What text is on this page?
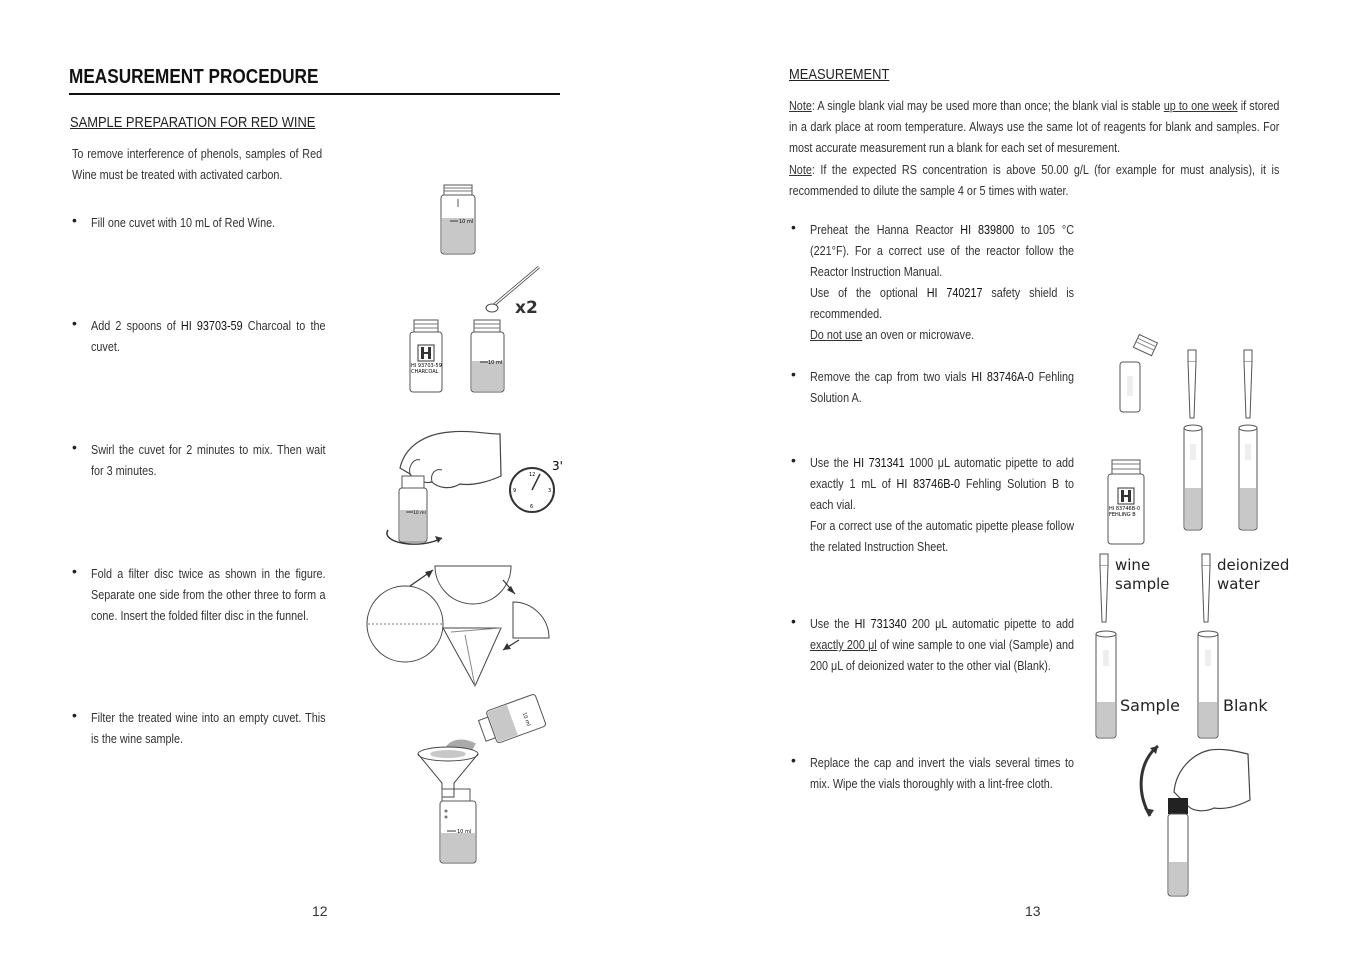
MEASUREMENT PROCEDURE
SAMPLE PREPARATION FOR RED WINE
To remove interference of phenols, samples of Red Wine must be treated with activated carbon.
• Fill one cuvet with 10 mL of Red Wine.
• Add 2 spoons of HI 93703-59 Charcoal to the cuvet.
• Swirl the cuvet for 2 minutes to mix. Then wait for 3 minutes.
• Fold a filter disc twice as shown in the figure. Separate one side from the other three to form a cone. Insert the folded filter disc in the funnel.
• Filter the treated wine into an empty cuvet. This is the wine sample.
10 ml
HI 93703-59
CHARCOAL
10 ml
x2
10 ml
12
3
6
9
3'
10 ml
10 ml
12
MEASUREMENT
Note: A single blank vial may be used more than once; the blank vial is stable up to one week if stored in a dark place at room temperature. Always use the same lot of reagents for blank and samples. For most accurate measurement run a blank for each set of mesurement.
Note: If the expected RS concentration is above 50.00 g/L (for example for must analysis), it is recommended to dilute the sample 4 or 5 times with water.
• Preheat the Hanna Reactor HI 839800 to 105 °C (221°F). For a correct use of the reactor follow the Reactor Instruction Manual.
Use of the optional HI 740217 safety shield is recommended.
Do not use an oven or microwave.
• Remove the cap from two vials HI 83746A-0 Fehling Solution A.
• Use the HI 731341 1000 μL automatic pipette to add exactly 1 mL of HI 83746B-0 Fehling Solution B to each vial.
For a correct use of the automatic pipette please follow the related Instruction Sheet.
• Use the HI 731340 200 μL automatic pipette to add exactly 200 μl of wine sample to one vial (Sample) and 200 μL of deionized water to the other vial (Blank).
• Replace the cap and invert the vials several times to mix. Wipe the vials thoroughly with a lint-free cloth.
HI 83746B-0
FEHLING B
wine
sample
deionized
water
Sample	Blank
13
